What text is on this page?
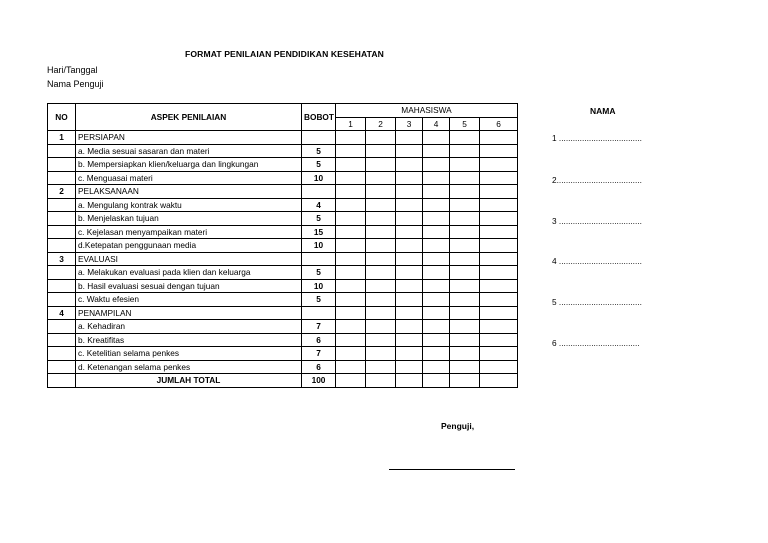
FORMAT PENILAIAN PENDIDIKAN KESEHATAN
Hari/Tanggal
Nama Penguji
NO	ASPEK PENILAIAN	BOBOT	MAHASISWA					
			1	2	3	4	5	6
1	PERSIAPAN							
	a. Media sesuai sasaran dan materi	5						
	b. Mempersiapkan klien/keluarga dan lingkungan	5						
	c. Menguasai materi	10						
2	PELAKSANAAN							
	a. Mengulang kontrak waktu	4						
	b. Menjelaskan tujuan	5						
	c. Kejelasan menyampaikan materi	15						
	d.Ketepatan penggunaan media	10						
3	EVALUASI							
	a. Melakukan evaluasi pada klien dan keluarga	5						
	b. Hasil evaluasi sesuai dengan tujuan	10						
	c. Waktu efesien	5						
4	PENAMPILAN							
	a. Kehadiran	7						
	b. Kreatifitas	6						
	c. Ketelitian selama penkes	7						
	d. Ketenangan selama penkes	6						
	JUMLAH TOTAL	100						
NAMA
1 ....................................
2.....................................
3 ....................................
4 ....................................
5 ....................................
6 ...................................
Penguji,
